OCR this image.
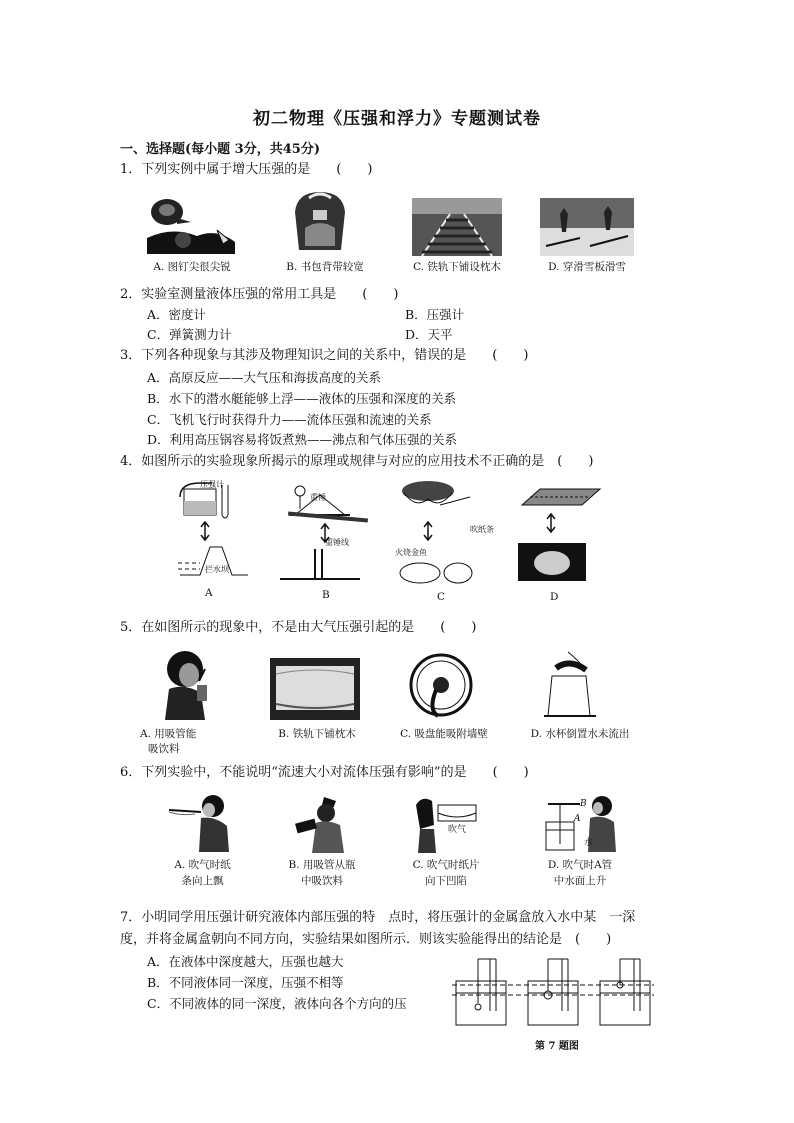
初二物理《压强和浮力》专题测试卷
一、选择题(每小题 3分，共45分)
1．下列实例中属于增大压强的是　　(　　)
A. 图钉尖很尖锐	B. 书包背带较宽	C. 铁轨下铺设枕木	D. 穿滑雪板滑雪
2．实验室测量液体压强的常用工具是　　(　　)
A．密度计	B．压强计
C．弹簧测力计	D．天平
3．下列各种现象与其涉及物理知识之间的关系中，错误的是　　(　　)
A．高原反应——大气压和海拔高度的关系
B．水下的潜水艇能够上浮——液体的压强和深度的关系
C．飞机飞行时获得升力——流体压强和流速的关系
D．利用高压锅容易将饭煮熟——沸点和气体压强的关系
4．如图所示的实验现象所揭示的原理或规律与对应的应用技术不正确的是　(　　)
压强计
拦水坝
重锤
重锤线
吹纸条
火烧金鱼
A	B	C	D
5．在如图所示的现象中，不是由大气压强引起的是　　(　　)
A. 用吸管能
吸饮料
B. 铁轨下铺枕木	C. 吸盘能吸附墙壁	D. 水杯倒置水未流出
6．下列实验中，不能说明“流速大小对流体压强有影响”的是　　(　　)
B
A
水
吹气
A. 吹气时纸
条向上飘
B. 用吸管从瓶
中吸饮料
C. 吹气时纸片
向下凹陷
D. 吹气时A管
中水面上升
7．小明同学用压强计研究液体内部压强的特　点时，将压强计的金属盒放入水中某　一深
度，并将金属盒朝向不同方向，实验结果如图所示．则该实验能得出的结论是　(　　)
A．在液体中深度越大，压强也越大
B．不同液体同一深度，压强不相等
C．不同液体的同一深度，液体向各个方向的压
第 7 题图
